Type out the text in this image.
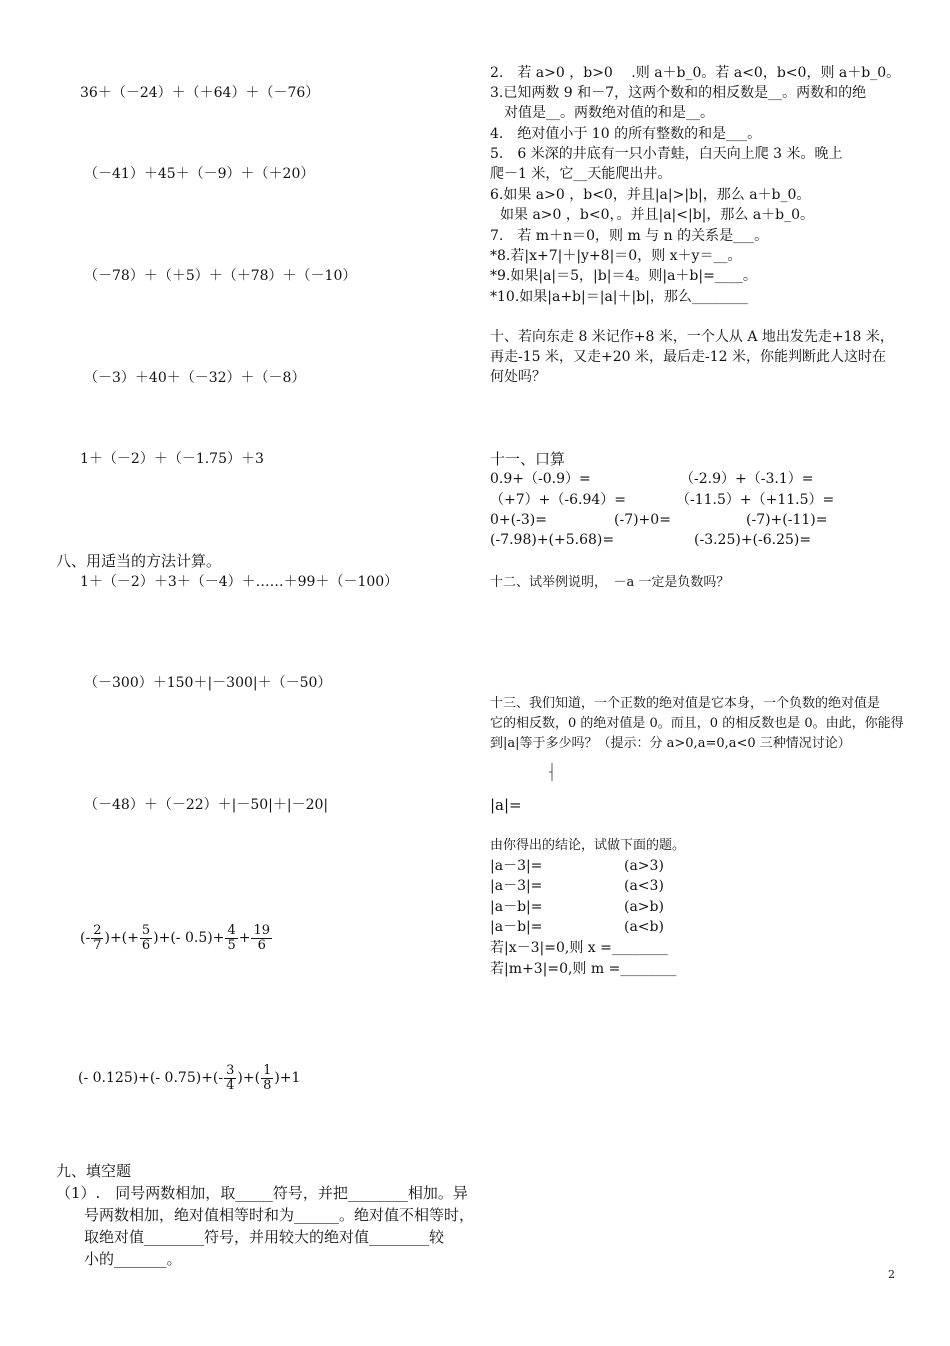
36＋（－24）＋（＋64）＋（－76）
（－41）＋45＋（－9）＋（＋20）
（－78）＋（＋5）＋（＋78）＋（－10）
（－3）＋40＋（－32）＋（－8）
1＋（－2）＋（－1.75）＋3
八、用适当的方法计算。
1＋（－2）＋3＋（－4）＋……＋99＋（－100）
（－300）＋150＋|－300|＋（－50）
（－48）＋（－22）＋|－50|＋|－20|
(- $\frac{2}{7}$ )+(+ $\frac{5}{6}$ )+(- $0.5)+ \frac{4}{5} + \frac{19}{6}$
(- 0.125)+(- $0.75)+(- \frac{3}{4}$ )+( $\frac{1}{8} )+1$
九、填空题
（1）.　同号两数相加，取_____符号，并把________相加。异
号两数相加，绝对值相等时和为______。绝对值不相等时，
取绝对值________符号，并用较大的绝对值________较
小的_______。
2.　若 a>0 ，b>0 　.则 a＋b_0。若 a<0，b<0，则 a＋b_0。
3.已知两数 9 和－7，这两个数和的相反数是__。两数和的绝
对值是__。两数绝对值的和是__。
4.　绝对值小于 10 的所有整数的和是___。
5.　6 米深的井底有一只小青蛙，白天向上爬 3 米。晚上
爬－1 米，它__天能爬出井。
6.如果 a>0 ，b<0，并且|a|>|b|，那么 a＋b_0。
如果 a>0 ，b<0，。并且|a|<|b|，那么 a＋b_0。
7.　若 m＋n＝0，则 m 与 n 的关系是___。
*8.若|x+7|＋|y+8|＝0，则 x＋y＝__。
*9.如果|a|＝5，|b|＝4。则|a＋b|=____。
*10.如果|a+b|＝|a|＋|b|，那么________
十、若向东走 8 米记作+8 米，一个人从 A 地出发先走+18 米，
再走-15 米，又走+20 米，最后走-12 米，你能判断此人这时在
何处吗？
十一、口算
0.9+（-0.9）=	（-2.9）+（-3.1）=
（+7）+（-6.94）=	（-11.5）+（+11.5）=
0+(-3)=	(-7)+0=	(-7)+(-11)=
(-7.98)+(+5.68)=	(-3.25)+(-6.25)=
十二、试举例说明，　－a 一定是负数吗？
十三、我们知道，一个正数的绝对值是它本身，一个负数的绝对值是
它的相反数，0 的绝对值是 0。而且，0 的相反数也是 0。由此，你能得
到|a|等于多少吗？（提示：分 a>0,a=0,a<0 三种情况讨论）
|a|=
由你得出的结论，试做下面的题。
|a－3|=	(a>3)
|a－3|=	(a<3)
|a－b|=	(a>b)
|a－b|=	(a<b)
若|x－3|=0,则 x =________
若|m+3|=0,则 m =________
2
